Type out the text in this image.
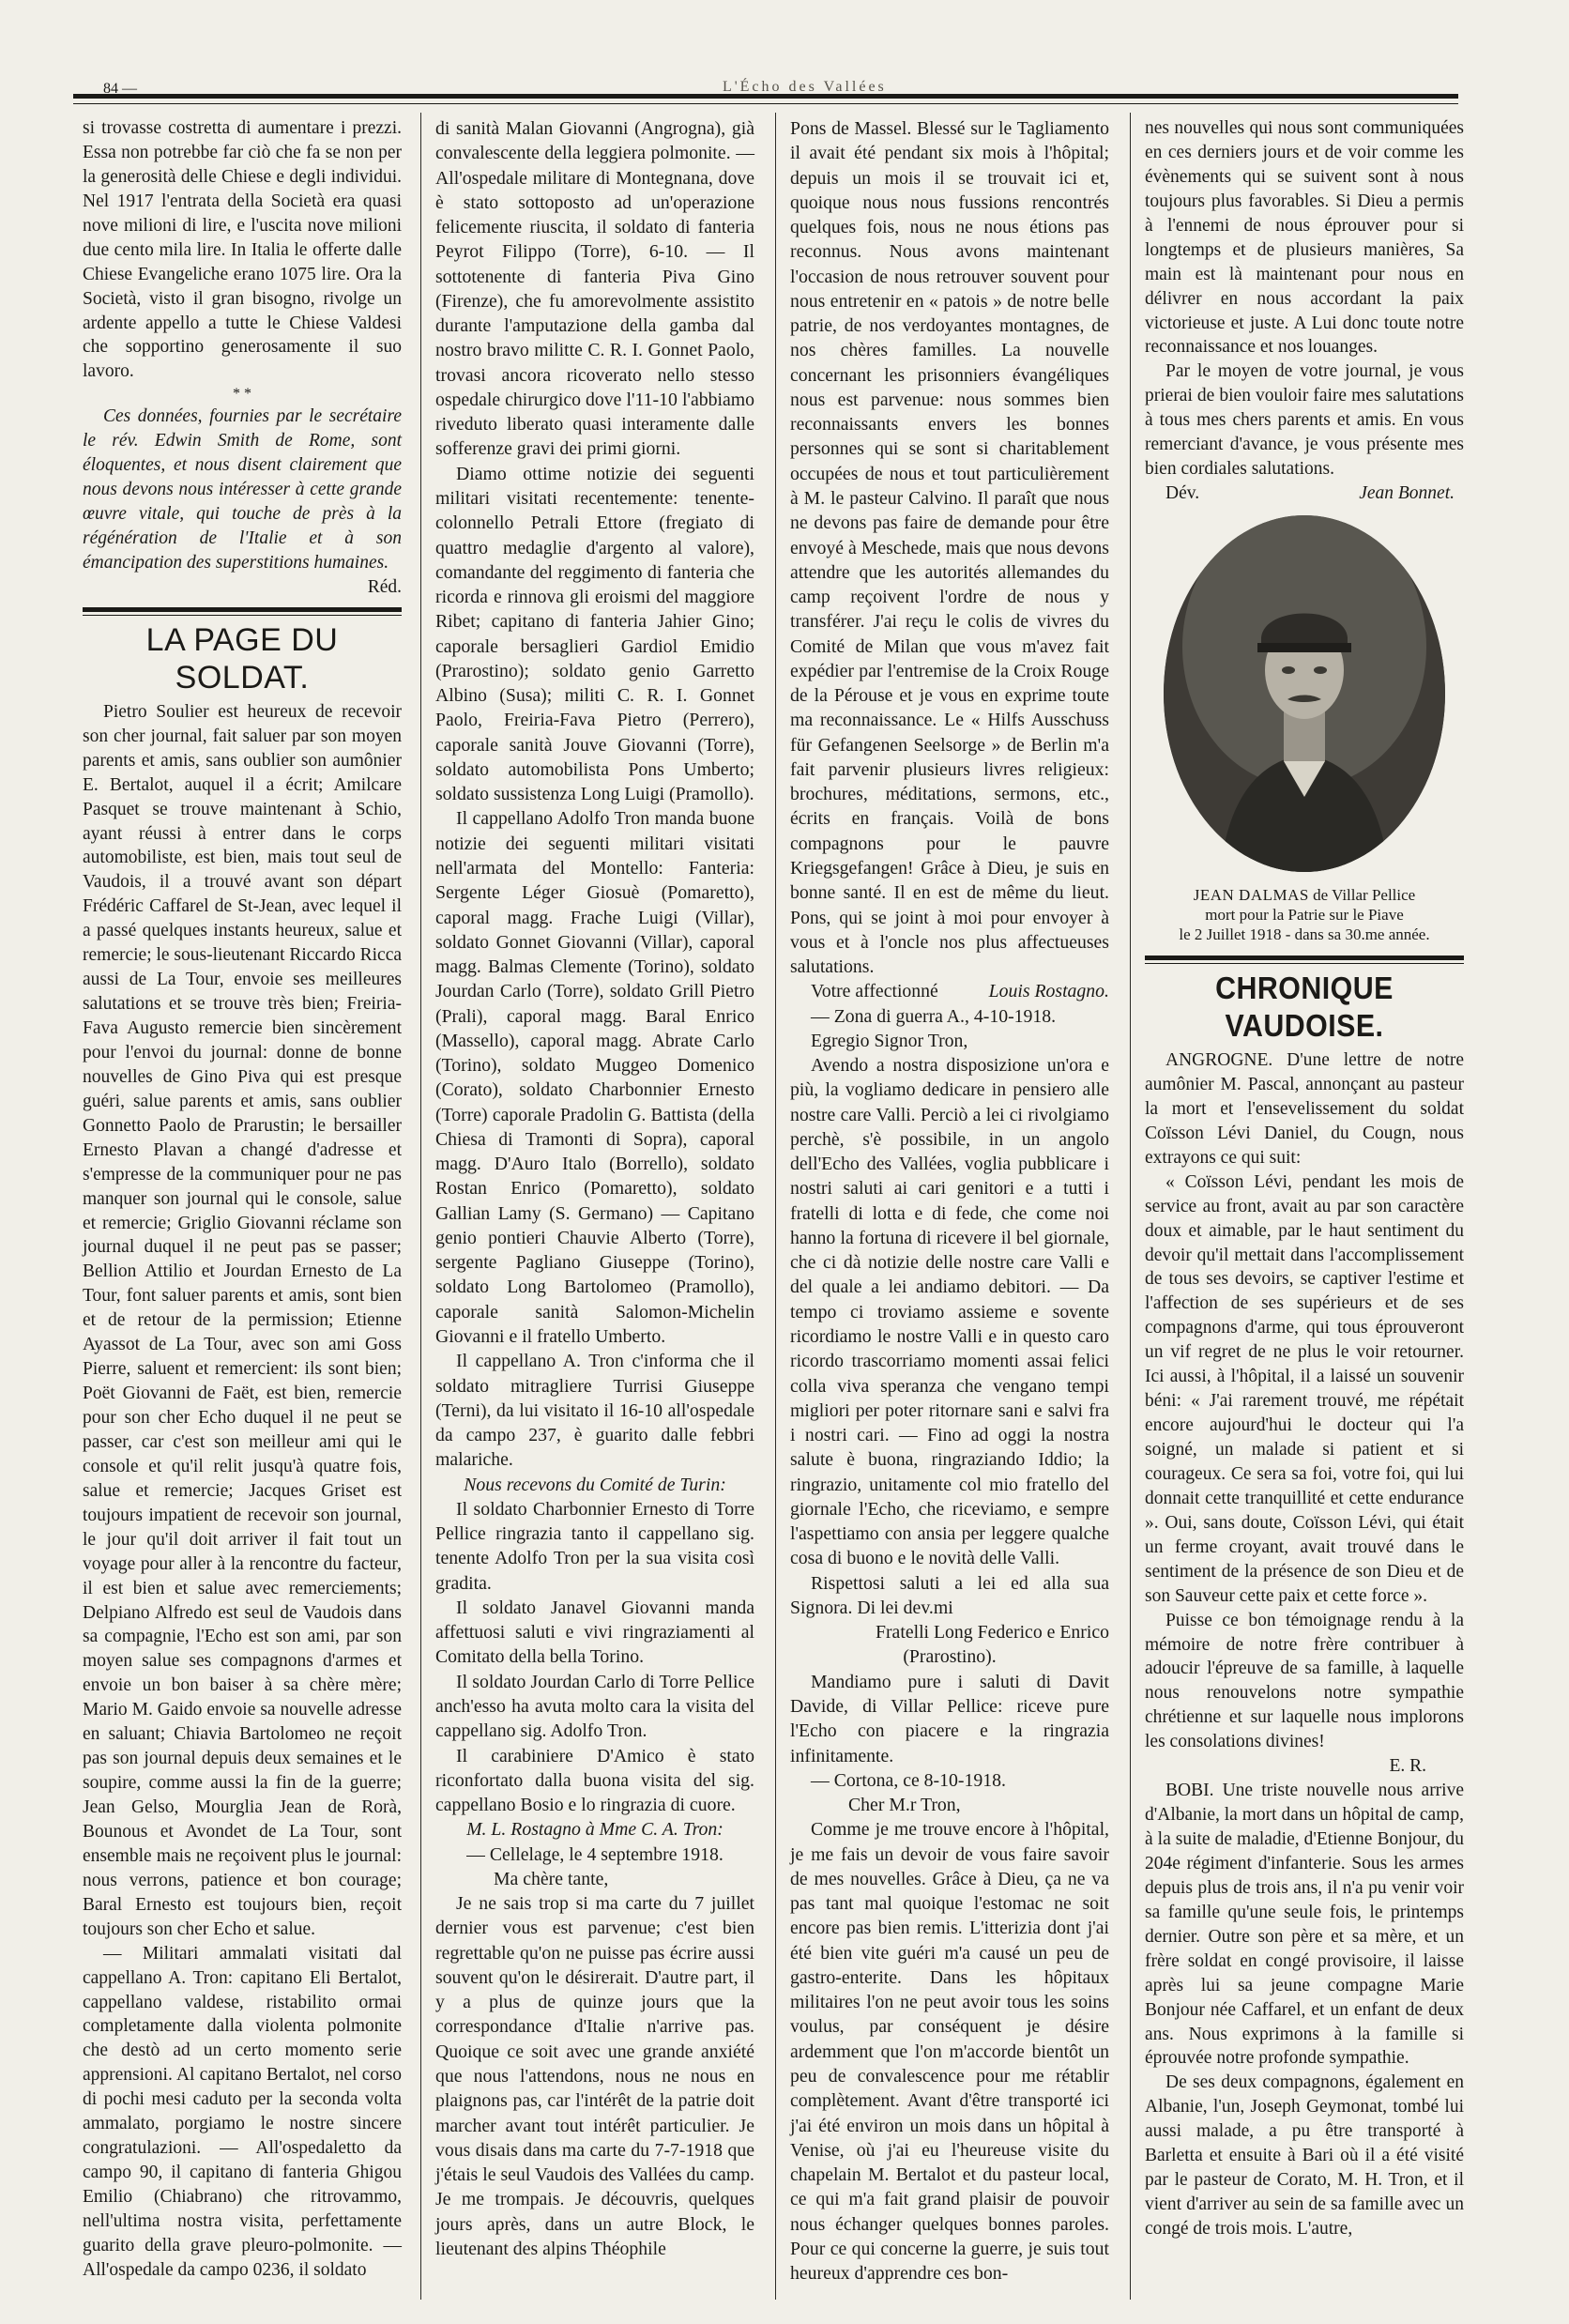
84 —	L'Écho des Vallées

si trovasse costretta di aumentare i prezzi. Essa non potrebbe far ciò che fa se non per la generosità delle Chiese e degli individui. Nel 1917 l'entrata della Società era quasi nove milioni di lire, e l'uscita nove milioni due cento mila lire. In Italia le offerte dalle Chiese Evangeliche erano 1075 lire. Ora la Società, visto il gran bisogno, rivolge un ardente appello a tutte le Chiese Valdesi che sopportino generosamente il suo lavoro.

* *

Ces données, fournies par le secrétaire le rév. Edwin Smith de Rome, sont éloquentes, et nous disent clairement que nous devons nous intéresser à cette grande œuvre vitale, qui touche de près à la régénération de l'Italie et à son émancipation des superstitions humaines.
Réd.

LA PAGE DU SOLDAT.

Pietro Soulier est heureux de recevoir son cher journal, fait saluer par son moyen parents et amis, sans oublier son aumônier E. Bertalot, auquel il a écrit; Amilcare Pasquet se trouve maintenant à Schio, ayant réussi à entrer dans le corps automobiliste, est bien, mais tout seul de Vaudois, il a trouvé avant son départ Frédéric Caffarel de St-Jean, avec lequel il a passé quelques instants heureux, salue et remercie; le sous-lieutenant Riccardo Ricca aussi de La Tour, envoie ses meilleures salutations et se trouve très bien; Freiria-Fava Augusto remercie bien sincèrement pour l'envoi du journal: donne de bonne nouvelles de Gino Piva qui est presque guéri, salue parents et amis, sans oublier Gonnetto Paolo de Prarustin; le bersailler Ernesto Plavan a changé d'adresse et s'empresse de la communiquer pour ne pas manquer son journal qui le console, salue et remercie; Griglio Giovanni réclame son journal duquel il ne peut pas se passer; Bellion Attilio et Jourdan Ernesto de La Tour, font saluer parents et amis, sont bien et de retour de la permission; Etienne Ayassot de La Tour, avec son ami Goss Pierre, saluent et remercient: ils sont bien; Poët Giovanni de Faët, est bien, remercie pour son cher Echo duquel il ne peut se passer, car c'est son meilleur ami qui le console et qu'il relit jusqu'à quatre fois, salue et remercie; Jacques Griset est toujours impatient de recevoir son journal, le jour qu'il doit arriver il fait tout un voyage pour aller à la rencontre du facteur, il est bien et salue avec remerciements; Delpiano Alfredo est seul de Vaudois dans sa compagnie, l'Echo est son ami, par son moyen salue ses compagnons d'armes et envoie un bon baiser à sa chère mère; Mario M. Gaido envoie sa nouvelle adresse en saluant; Chiavia Bartolomeo ne reçoit pas son journal depuis deux semaines et le soupire, comme aussi la fin de la guerre; Jean Gelso, Mourglia Jean de Rorà, Bounous et Avondet de La Tour, sont ensemble mais ne reçoivent plus le journal: nous verrons, patience et bon courage; Baral Ernesto est toujours bien, reçoit toujours son cher Echo et salue.

— Militari ammalati visitati dal cappellano A. Tron: capitano Eli Bertalot, cappellano valdese, ristabilito ormai completamente dalla violenta polmonite che destò ad un certo momento serie apprensioni. Al capitano Bertalot, nel corso di pochi mesi caduto per la seconda volta ammalato, porgiamo le nostre sincere congratulazioni. — All'ospedaletto da campo 90, il capitano di fanteria Ghigou Emilio (Chiabrano) che ritrovammo, nell'ultima nostra visita, perfettamente guarito della grave pleuro-polmonite. — All'ospedale da campo 0236, il soldato

di sanità Malan Giovanni (Angrogna), già convalescente della leggiera polmonite. — All'ospedale militare di Montegnana, dove è stato sottoposto ad un'operazione felicemente riuscita, il soldato di fanteria Peyrot Filippo (Torre), 6-10. — Il sottotenente di fanteria Piva Gino (Firenze), che fu amorevolmente assistito durante l'amputazione della gamba dal nostro bravo militte C. R. I. Gonnet Paolo, trovasi ancora ricoverato nello stesso ospedale chirurgico dove l'11-10 l'abbiamo riveduto liberato quasi interamente dalle sofferenze gravi dei primi giorni.

Diamo ottime notizie dei seguenti militari visitati recentemente: tenente-colonnello Petrali Ettore (fregiato di quattro medaglie d'argento al valore), comandante del reggimento di fanteria che ricorda e rinnova gli eroismi del maggiore Ribet; capitano di fanteria Jahier Gino; caporale bersaglieri Gardiol Emidio (Prarostino); soldato genio Garretto Albino (Susa); militi C. R. I. Gonnet Paolo, Freiria-Fava Pietro (Perrero), caporale sanità Jouve Giovanni (Torre), soldato automobilista Pons Umberto; soldato sussistenza Long Luigi (Pramollo).

Il cappellano Adolfo Tron manda buone notizie dei seguenti militari visitati nell'armata del Montello: Fanteria: Sergente Léger Giosuè (Pomaretto), caporal magg. Frache Luigi (Villar), soldato Gonnet Giovanni (Villar), caporal magg. Balmas Clemente (Torino), soldato Jourdan Carlo (Torre), soldato Grill Pietro (Prali), caporal magg. Baral Enrico (Massello), caporal magg. Abrate Carlo (Torino), soldato Muggeo Domenico (Corato), soldato Charbonnier Ernesto (Torre) caporale Pradolin G. Battista (della Chiesa di Tramonti di Sopra), caporal magg. D'Auro Italo (Borrello), soldato Rostan Enrico (Pomaretto), soldato Gallian Lamy (S. Germano) — Capitano genio pontieri Chauvie Alberto (Torre), sergente Pagliano Giuseppe (Torino), soldato Long Bartolomeo (Pramollo), caporale sanità Salomon-Michelin Giovanni e il fratello Umberto.

Il cappellano A. Tron c'informa che il soldato mitragliere Turrisi Giuseppe (Terni), da lui visitato il 16-10 all'ospedale da campo 237, è guarito dalle febbri malariche.

Nous recevons du Comité de Turin:

Il soldato Charbonnier Ernesto di Torre Pellice ringrazia tanto il cappellano sig. tenente Adolfo Tron per la sua visita così gradita.

Il soldato Janavel Giovanni manda affettuosi saluti e vivi ringraziamenti al Comitato della bella Torino.

Il soldato Jourdan Carlo di Torre Pellice anch'esso ha avuta molto cara la visita del cappellano sig. Adolfo Tron.

Il carabiniere D'Amico è stato riconfortato dalla buona visita del sig. cappellano Bosio e lo ringrazia di cuore.

M. L. Rostagno à Mme C. A. Tron:

— Cellelage, le 4 septembre 1918.

Ma chère tante,

Je ne sais trop si ma carte du 7 juillet dernier vous est parvenue; c'est bien regrettable qu'on ne puisse pas écrire aussi souvent qu'on le désirerait. D'autre part, il y a plus de quinze jours que la correspondance d'Italie n'arrive pas. Quoique ce soit avec une grande anxiété que nous l'attendons, nous ne nous en plaignons pas, car l'intérêt de la patrie doit marcher avant tout intérêt particulier. Je vous disais dans ma carte du 7-7-1918 que j'étais le seul Vaudois des Vallées du camp. Je me trompais. Je découvris, quelques jours après, dans un autre Block, le lieutenant des alpins Théophile

Pons de Massel. Blessé sur le Tagliamento il avait été pendant six mois à l'hôpital; depuis un mois il se trouvait ici et, quoique nous nous fussions rencontrés quelques fois, nous ne nous étions pas reconnus. Nous avons maintenant l'occasion de nous retrouver souvent pour nous entretenir en « patois » de notre belle patrie, de nos verdoyantes montagnes, de nos chères familles. La nouvelle concernant les prisonniers évangéliques nous est parvenue: nous sommes bien reconnaissants envers les bonnes personnes qui se sont si charitablement occupées de nous et tout particulièrement à M. le pasteur Calvino. Il paraît que nous ne devons pas faire de demande pour être envoyé à Meschede, mais que nous devons attendre que les autorités allemandes du camp reçoivent l'ordre de nous y transférer. J'ai reçu le colis de vivres du Comité de Milan que vous m'avez fait expédier par l'entremise de la Croix Rouge de la Pérouse et je vous en exprime toute ma reconnaissance. Le « Hilfs Ausschuss für Gefangenen Seelsorge » de Berlin m'a fait parvenir plusieurs livres religieux: brochures, méditations, sermons, etc., écrits en français. Voilà de bons compagnons pour le pauvre Kriegsgefangen! Grâce à Dieu, je suis en bonne santé. Il en est de même du lieut. Pons, qui se joint à moi pour envoyer à vous et à l'oncle nos plus affectueuses salutations.

Votre affectionné	Louis Rostagno.

— Zona di guerra A., 4-10-1918.

Egregio Signor Tron,

Avendo a nostra disposizione un'ora e più, la vogliamo dedicare in pensiero alle nostre care Valli. Perciò a lei ci rivolgiamo perchè, s'è possibile, in un angolo dell'Echo des Vallées, voglia pubblicare i nostri saluti ai cari genitori e a tutti i fratelli di lotta e di fede, che come noi hanno la fortuna di ricevere il bel giornale, che ci dà notizie delle nostre care Valli e del quale a lei andiamo debitori. — Da tempo ci troviamo assieme e sovente ricordiamo le nostre Valli e in questo caro ricordo trascorriamo momenti assai felici colla viva speranza che vengano tempi migliori per poter ritornare sani e salvi fra i nostri cari. — Fino ad oggi la nostra salute è buona, ringraziando Iddio; la ringrazio, unitamente col mio fratello del giornale l'Echo, che riceviamo, e sempre l'aspettiamo con ansia per leggere qualche cosa di buono e le novità delle Valli.

Rispettosi saluti a lei ed alla sua Signora. Di lei dev.mi

Fratelli Long Federico e Enrico

(Prarostino).

Mandiamo pure i saluti di Davit Davide, di Villar Pellice: riceve pure l'Echo con piacere e la ringrazia infinitamente.

— Cortona, ce 8-10-1918.

Cher M.r Tron,

Comme je me trouve encore à l'hôpital, je me fais un devoir de vous faire savoir de mes nouvelles. Grâce à Dieu, ça ne va pas tant mal quoique l'estomac ne soit encore pas bien remis. L'itterizia dont j'ai été bien vite guéri m'a causé un peu de gastro-enterite. Dans les hôpitaux militaires l'on ne peut avoir tous les soins voulus, par conséquent je désire ardemment que l'on m'accorde bientôt un peu de convalescence pour me rétablir complètement. Avant d'être transporté ici j'ai été environ un mois dans un hôpital à Venise, où j'ai eu l'heureuse visite du chapelain M. Bertalot et du pasteur local, ce qui m'a fait grand plaisir de pouvoir nous échanger quelques bonnes paroles. Pour ce qui concerne la guerre, je suis tout heureux d'apprendre ces bon-

nes nouvelles qui nous sont communiquées en ces derniers jours et de voir comme les évènements qui se suivent sont à nous toujours plus favorables. Si Dieu a permis à l'ennemi de nous éprouver pour si longtemps et de plusieurs manières, Sa main est là maintenant pour nous en délivrer en nous accordant la paix victorieuse et juste. A Lui donc toute notre reconnaissance et nos louanges.

Par le moyen de votre journal, je vous prierai de bien vouloir faire mes salutations à tous mes chers parents et amis. En vous remerciant d'avance, je vous présente mes bien cordiales salutations.

Dév.	Jean Bonnet.
JEAN DALMAS de Villar Pellice
mort pour la Patrie sur le Piave
le 2 Juillet 1918 - dans sa 30.me année.
CHRONIQUE VAUDOISE.

ANGROGNE. D'une lettre de notre aumônier M. Pascal, annonçant au pasteur la mort et l'ensevelissement du soldat Coïsson Lévi Daniel, du Cougn, nous extrayons ce qui suit:

« Coïsson Lévi, pendant les mois de service au front, avait au par son caractère doux et aimable, par le haut sentiment du devoir qu'il mettait dans l'accomplissement de tous ses devoirs, se captiver l'estime et l'affection de ses supérieurs et de ses compagnons d'arme, qui tous éprouveront un vif regret de ne plus le voir retourner. Ici aussi, à l'hôpital, il a laissé un souvenir béni: « J'ai rarement trouvé, me répétait encore aujourd'hui le docteur qui l'a soigné, un malade si patient et si courageux. Ce sera sa foi, votre foi, qui lui donnait cette tranquillité et cette endurance ». Oui, sans doute, Coïsson Lévi, qui était un ferme croyant, avait trouvé dans le sentiment de la présence de son Dieu et de son Sauveur cette paix et cette force ».

Puisse ce bon témoignage rendu à la mémoire de notre frère contribuer à adoucir l'épreuve de sa famille, à laquelle nous renouvelons notre sympathie chrétienne et sur laquelle nous implorons les consolations divines!

E. R.

BOBI. Une triste nouvelle nous arrive d'Albanie, la mort dans un hôpital de camp, à la suite de maladie, d'Etienne Bonjour, du 204e régiment d'infanterie. Sous les armes depuis plus de trois ans, il n'a pu venir voir sa famille qu'une seule fois, le printemps dernier. Outre son père et sa mère, et un frère soldat en congé provisoire, il laisse après lui sa jeune compagne Marie Bonjour née Caffarel, et un enfant de deux ans. Nous exprimons à la famille si éprouvée notre profonde sympathie.

De ses deux compagnons, également en Albanie, l'un, Joseph Geymonat, tombé lui aussi malade, a pu être transporté à Barletta et ensuite à Bari où il a été visité par le pasteur de Corato, M. H. Tron, et il vient d'arriver au sein de sa famille avec un congé de trois mois. L'autre,
